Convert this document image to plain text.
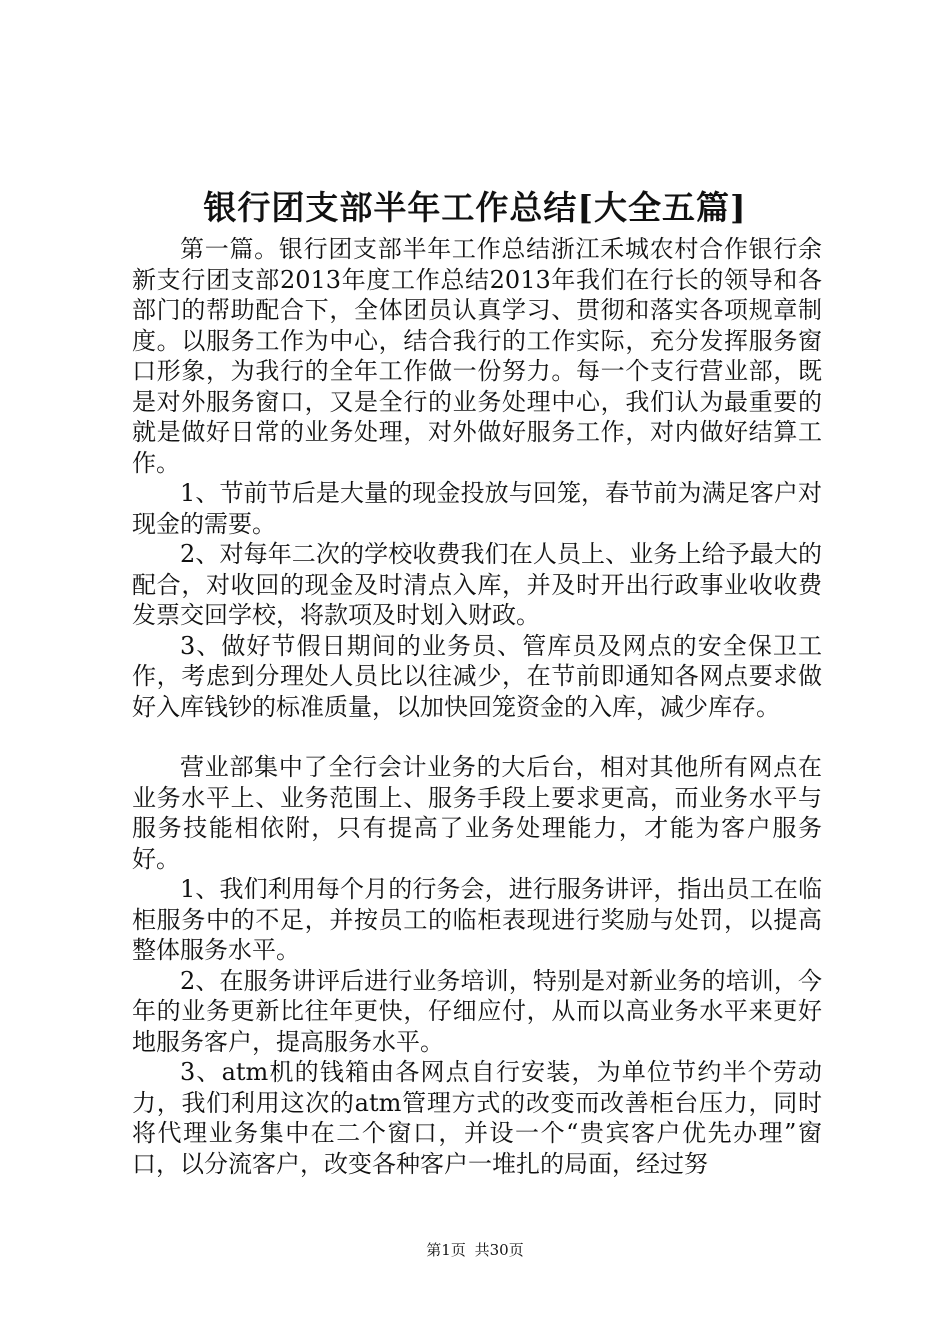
银行团支部半年工作总结[大全五篇]

第一篇。银行团支部半年工作总结浙江禾城农村合作银行余新支行团支部2013年度工作总结2013年我们在行长的领导和各部门的帮助配合下，全体团员认真学习、贯彻和落实各项规章制度。以服务工作为中心，结合我行的工作实际，充分发挥服务窗口形象，为我行的全年工作做一份努力。每一个支行营业部，既是对外服务窗口，又是全行的业务处理中心，我们认为最重要的就是做好日常的业务处理，对外做好服务工作，对内做好结算工作。

1、节前节后是大量的现金投放与回笼，春节前为满足客户对现金的需要。

2、对每年二次的学校收费我们在人员上、业务上给予最大的配合，对收回的现金及时清点入库，并及时开出行政事业收收费发票交回学校，将款项及时划入财政。

3、做好节假日期间的业务员、管库员及网点的安全保卫工作，考虑到分理处人员比以往减少，在节前即通知各网点要求做好入库钱钞的标准质量，以加快回笼资金的入库，减少库存。

营业部集中了全行会计业务的大后台，相对其他所有网点在业务水平上、业务范围上、服务手段上要求更高，而业务水平与服务技能相依附，只有提高了业务处理能力，才能为客户服务好。

1、我们利用每个月的行务会，进行服务讲评，指出员工在临柜服务中的不足，并按员工的临柜表现进行奖励与处罚，以提高整体服务水平。

2、在服务讲评后进行业务培训，特别是对新业务的培训，今年的业务更新比往年更快，仔细应付，从而以高业务水平来更好地服务客户，提高服务水平。

3、atm机的钱箱由各网点自行安装，为单位节约半个劳动力，我们利用这次的atm管理方式的改变而改善柜台压力，同时将代理业务集中在二个窗口，并设一个“贵宾客户优先办理”窗口，以分流客户，改变各种客户一堆扎的局面，经过努

第1页 共30页
